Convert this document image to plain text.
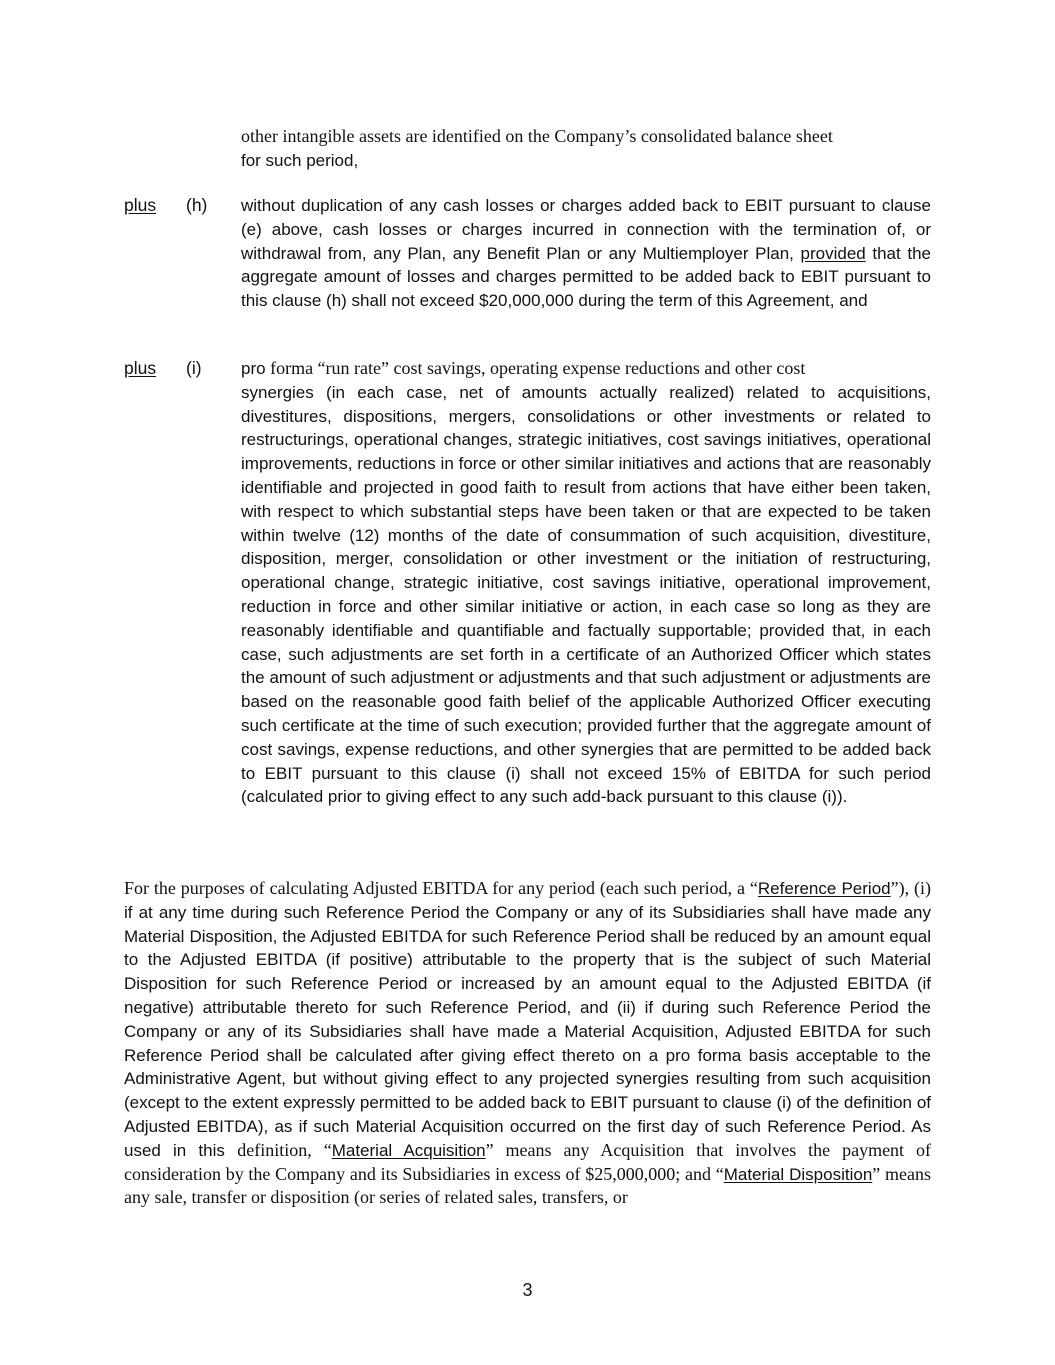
other intangible assets are identified on the Company’s consolidated balance sheet
for such period,

plus (h) without duplication of any cash losses or charges added back to EBIT pursuant to clause (e) above, cash losses or charges incurred in connection with the termination of, or withdrawal from, any Plan, any Benefit Plan or any Multiemployer Plan, provided that the aggregate amount of losses and charges permitted to be added back to EBIT pursuant to this clause (h) shall not exceed $20,000,000 during the term of this Agreement, and

plus (i) pro forma “run rate” cost savings, operating expense reductions and other cost
synergies (in each case, net of amounts actually realized) related to acquisitions, divestitures, dispositions, mergers, consolidations or other investments or related to restructurings, operational changes, strategic initiatives, cost savings initiatives, operational improvements, reductions in force or other similar initiatives and actions that are reasonably identifiable and projected in good faith to result from actions that have either been taken, with respect to which substantial steps have been taken or that are expected to be taken within twelve (12) months of the date of consummation of such acquisition, divestiture, disposition, merger, consolidation or other investment or the initiation of restructuring, operational change, strategic initiative, cost savings initiative, operational improvement, reduction in force and other similar initiative or action, in each case so long as they are reasonably identifiable and quantifiable and factually supportable; provided that, in each case, such adjustments are set forth in a certificate of an Authorized Officer which states the amount of such adjustment or adjustments and that such adjustment or adjustments are based on the reasonable good faith belief of the applicable Authorized Officer executing such certificate at the time of such execution; provided further that the aggregate amount of cost savings, expense reductions, and other synergies that are permitted to be added back to EBIT pursuant to this clause (i) shall not exceed 15% of EBITDA for such period (calculated prior to giving effect to any such add-back pursuant to this clause (i)).

For the purposes of calculating Adjusted EBITDA for any period (each such period, a “Reference Period”), (i) if at any time during such Reference Period the Company or any of its Subsidiaries shall have made any Material Disposition, the Adjusted EBITDA for such Reference Period shall be reduced by an amount equal to the Adjusted EBITDA (if positive) attributable to the property that is the subject of such Material Disposition for such Reference Period or increased by an amount equal to the Adjusted EBITDA (if negative) attributable thereto for such Reference Period, and (ii) if during such Reference Period the Company or any of its Subsidiaries shall have made a Material Acquisition, Adjusted EBITDA for such Reference Period shall be calculated after giving effect thereto on a pro forma basis acceptable to the Administrative Agent, but without giving effect to any projected synergies resulting from such acquisition (except to the extent expressly permitted to be added back to EBIT pursuant to clause (i) of the definition of Adjusted EBITDA), as if such Material Acquisition occurred on the first day of such Reference Period. As used in this definition, “Material Acquisition” means any Acquisition that involves the payment of consideration by the Company and its Subsidiaries in excess of $25,000,000; and “Material Disposition” means any sale, transfer or disposition (or series of related sales, transfers, or

3
